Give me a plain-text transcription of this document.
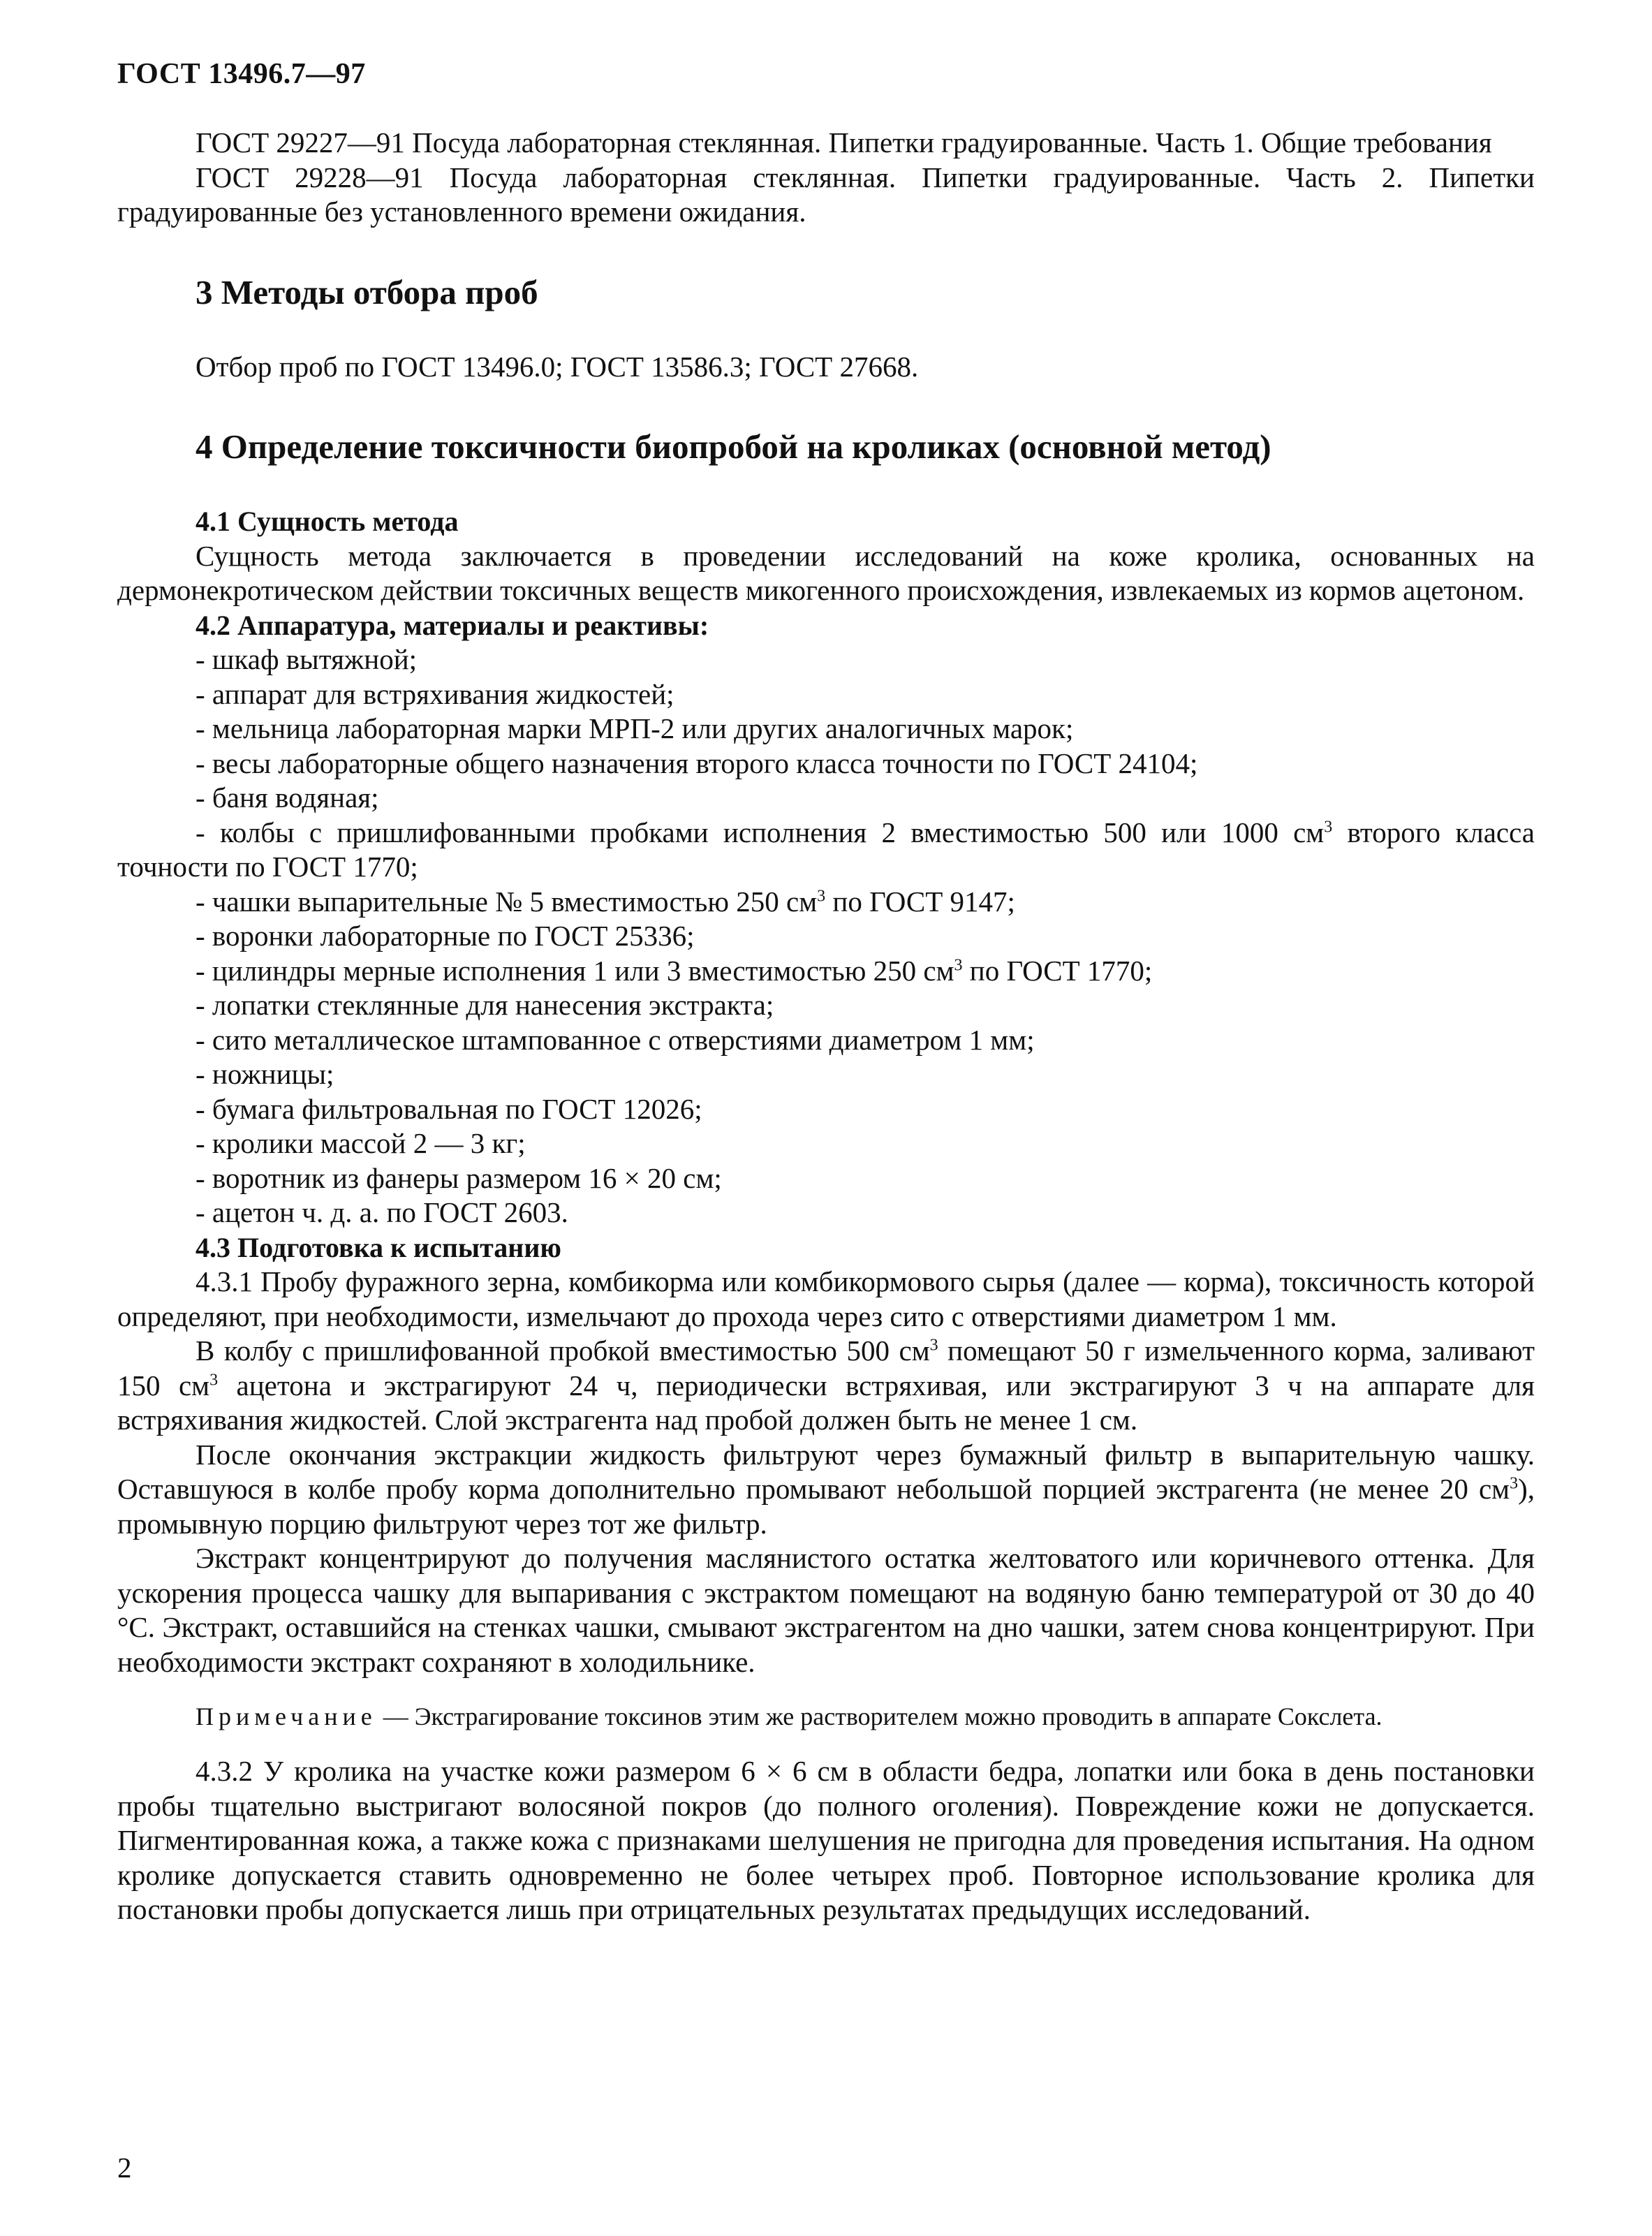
ГОСТ 13496.7—97

ГОСТ 29227—91 Посуда лабораторная стеклянная. Пипетки градуированные. Часть 1. Общие требования

ГОСТ 29228—91 Посуда лабораторная стеклянная. Пипетки градуированные. Часть 2. Пипетки градуированные без установленного времени ожидания.

3 Методы отбора проб

Отбор проб по ГОСТ 13496.0; ГОСТ 13586.3; ГОСТ 27668.

4 Определение токсичности биопробой на кроликах (основной метод)
4.1 Сущность метода

Сущность метода заключается в проведении исследований на коже кролика, основанных на дермонекротическом действии токсичных веществ микогенного происхождения, извлекаемых из кормов ацетоном.

4.2 Аппаратура, материалы и реактивы:
- шкаф вытяжной;
- аппарат для встряхивания жидкостей;
- мельница лабораторная марки МРП-2 или других аналогичных марок;
- весы лабораторные общего назначения второго класса точности по ГОСТ 24104;
- баня водяная;
- колбы с пришлифованными пробками исполнения 2 вместимостью 500 или 1000 $см^3$ второго класса точности по ГОСТ 1770;
- чашки выпарительные № 5 вместимостью 250 $см^3$ по ГОСТ 9147;
- воронки лабораторные по ГОСТ 25336;
- цилиндры мерные исполнения 1 или 3 вместимостью 250 $см^3$ по ГОСТ 1770;
- лопатки стеклянные для нанесения экстракта;
- сито металлическое штампованное с отверстиями диаметром 1 мм;
- ножницы;
- бумага фильтровальная по ГОСТ 12026;
- кролики массой 2 — 3 кг;
- воротник из фанеры размером 16 × 20 см;
- ацетон ч. д. а. по ГОСТ 2603.
4.3 Подготовка к испытанию

4.3.1 Пробу фуражного зерна, комбикорма или комбикормового сырья (далее — корма), токсичность которой определяют, при необходимости, измельчают до прохода через сито с отверстиями диаметром 1 мм.

В колбу с пришлифованной пробкой вместимостью 500 $см^3$ помещают 50 г измельченного корма, заливают 150 $см^3$ ацетона и экстрагируют 24 ч, периодически встряхивая, или экстрагируют 3 ч на аппарате для встряхивания жидкостей. Слой экстрагента над пробой должен быть не менее 1 см.

После окончания экстракции жидкость фильтруют через бумажный фильтр в выпарительную чашку. Оставшуюся в колбе пробу корма дополнительно промывают небольшой порцией экстрагента (не менее 20 $см^3$), промывную порцию фильтруют через тот же фильтр.

Экстракт концентрируют до получения маслянистого остатка желтоватого или коричневого оттенка. Для ускорения процесса чашку для выпаривания с экстрактом помещают на водяную баню температурой от 30 до 40 °С. Экстракт, оставшийся на стенках чашки, смывают экстрагентом на дно чашки, затем снова концентрируют. При необходимости экстракт сохраняют в холодильнике.

Примечание — Экстрагирование токсинов этим же растворителем можно проводить в аппарате Сокслета.

4.3.2 У кролика на участке кожи размером 6 × 6 см в области бедра, лопатки или бока в день постановки пробы тщательно выстригают волосяной покров (до полного оголения). Повреждение кожи не допускается. Пигментированная кожа, а также кожа с признаками шелушения не пригодна для проведения испытания. На одном кролике допускается ставить одновременно не более четырех проб. Повторное использование кролика для постановки пробы допускается лишь при отрицательных результатах предыдущих исследований.

2
